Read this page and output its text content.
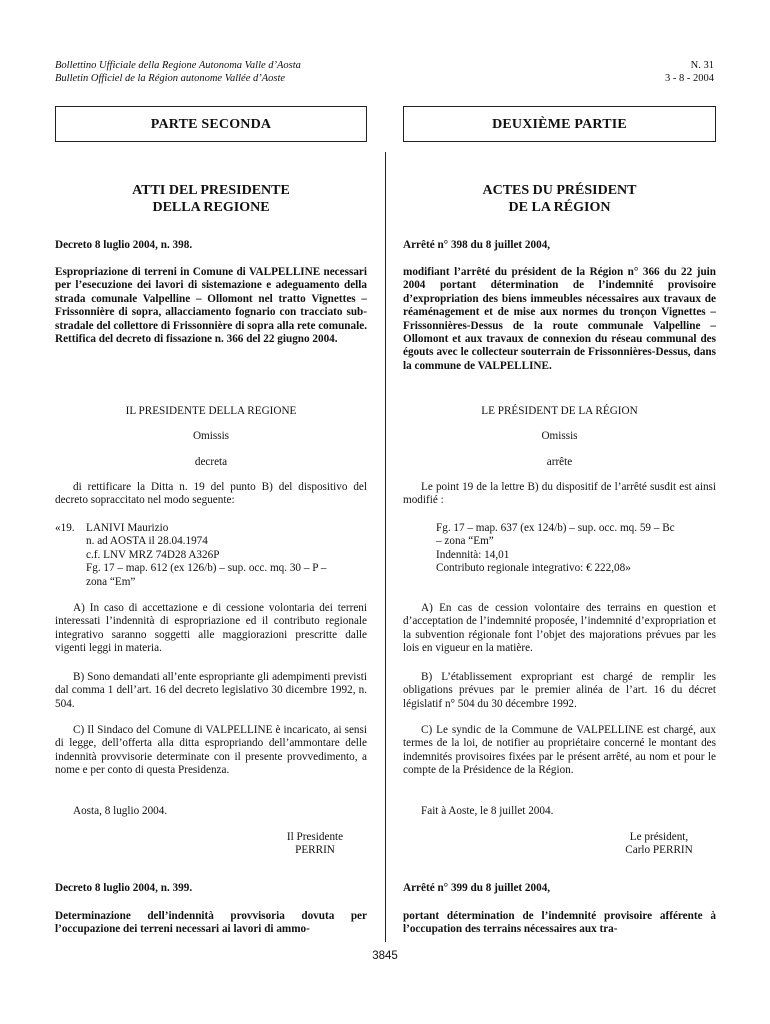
Bollettino Ufficiale della Regione Autonoma Valle d’Aosta
Bulletin Officiel de la Région autonome Vallée d’Aoste
N. 31
3 - 8 - 2004
PARTE SECONDA	DEUXIÈME PARTIE
ATTI DEL PRESIDENTE
DELLA REGIONE
Decreto 8 luglio 2004, n. 398.
Espropriazione di terreni in Comune di VALPELLINE necessari per l’esecuzione dei lavori di sistemazione e adeguamento della strada comunale Valpelline – Ollomont nel tratto Vignettes – Frissonnière di sopra, allacciamento fognario con tracciato sub-stradale del collettore di Frissonnière di sopra alla rete comunale. Rettifica del decreto di fissazione n. 366 del 22 giugno 2004.
IL PRESIDENTE DELLA REGIONE
Omissis
decreta
di rettificare la Ditta n. 19 del punto B) del dispositivo del decreto sopraccitato nel modo seguente:
«19.	LANIVI Maurizio
n. ad AOSTA il 28.04.1974
c.f. LNV MRZ 74D28 A326P
Fg. 17 – map. 612 (ex 126/b) – sup. occ. mq. 30 – P –
zona “Em”
A) In caso di accettazione e di cessione volontaria dei terreni interessati l’indennità di espropriazione ed il contributo regionale integrativo saranno soggetti alle maggiorazioni prescritte dalle vigenti leggi in materia.
B) Sono demandati all’ente espropriante gli adempimenti previsti dal comma 1 dell’art. 16 del decreto legislativo 30 dicembre 1992, n. 504.
C) Il Sindaco del Comune di VALPELLINE è incaricato, ai sensi di legge, dell’offerta alla ditta espropriando dell’ammontare delle indennità provvisorie determinate con il presente provvedimento, a nome e per conto di questa Presidenza.
Aosta, 8 luglio 2004.
Il Presidente
PERRIN
Decreto 8 luglio 2004, n. 399.
Determinazione dell’indennità provvisoria dovuta per l’occupazione dei terreni necessari ai lavori di ammo-
ACTES DU PRÉSIDENT
DE LA RÉGION
Arrêté n° 398 du 8 juillet 2004,
modifiant l’arrêté du président de la Région n° 366 du 22 juin 2004 portant détermination de l’indemnité provisoire d’expropriation des biens immeubles nécessaires aux travaux de réaménagement et de mise aux normes du tronçon Vignettes – Frissonnières-Dessus de la route communale Valpelline – Ollomont et aux travaux de connexion du réseau communal des égouts avec le collecteur souterrain de Frissonnières-Dessus, dans la commune de VALPELLINE.
LE PRÉSIDENT DE LA RÉGION
Omissis
arrête
Le point 19 de la lettre B) du dispositif de l’arrêté susdit est ainsi modifié :
Fg. 17 – map. 637 (ex 124/b) – sup. occ. mq. 59 – Bc
– zona “Em”
Indennità: 14,01
Contributo regionale integrativo: € 222,08»
A) En cas de cession volontaire des terrains en question et d’acceptation de l’indemnité proposée, l’indemnité d’expropriation et la subvention régionale font l’objet des majorations prévues par les lois en vigueur en la matière.
B) L’établissement expropriant est chargé de remplir les obligations prévues par le premier alinéa de l’art. 16 du décret législatif n° 504 du 30 décembre 1992.
C) Le syndic de la Commune de VALPELLINE est chargé, aux termes de la loi, de notifier au propriétaire concerné le montant des indemnités provisoires fixées par le présent arrêté, au nom et pour le compte de la Présidence de la Région.
Fait à Aoste, le 8 juillet 2004.
Le président,
Carlo PERRIN
Arrêté n° 399 du 8 juillet 2004,
portant détermination de l’indemnité provisoire afférente à l’occupation des terrains nécessaires aux tra-
3845
